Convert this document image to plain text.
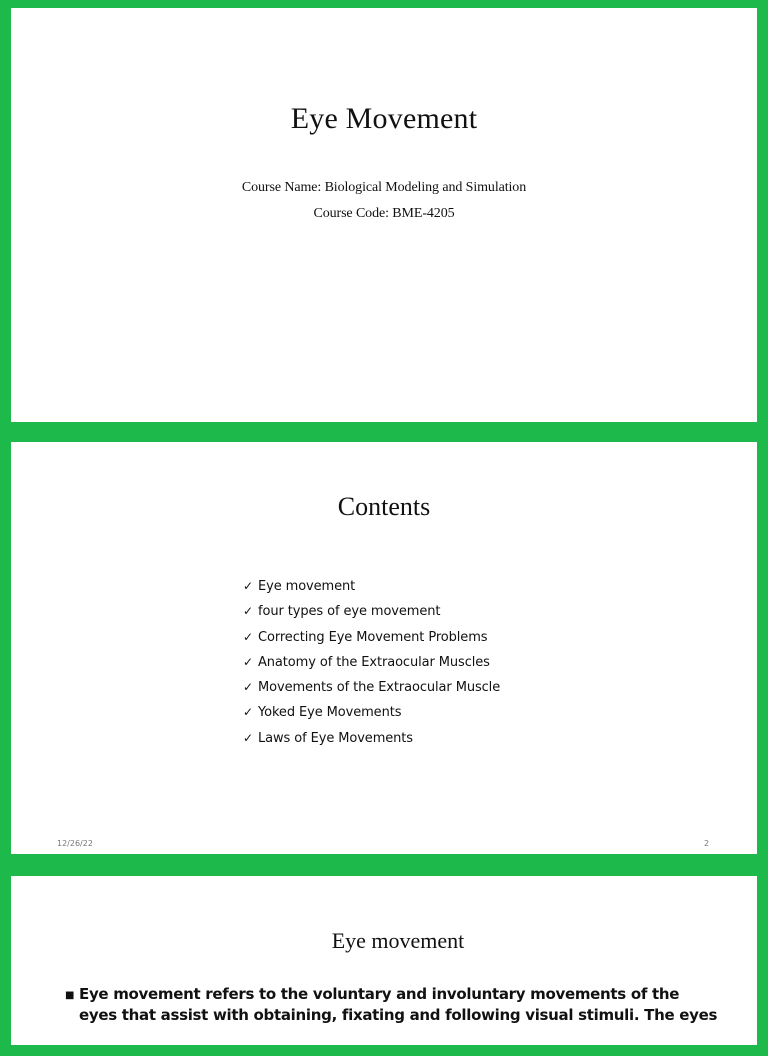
Eye Movement
Course Name: Biological Modeling and Simulation
Course Code: BME-4205
Contents
✓ Eye movement
✓ four types of eye movement
✓ Correcting Eye Movement Problems
✓ Anatomy of the Extraocular Muscles
✓ Movements of the Extraocular Muscle
✓ Yoked Eye Movements
✓ Laws of Eye Movements
12/26/22	2
Eye movement
■ Eye movement refers to the voluntary and involuntary movements of the eyes that assist with obtaining, fixating and following visual stimuli. The eyes
